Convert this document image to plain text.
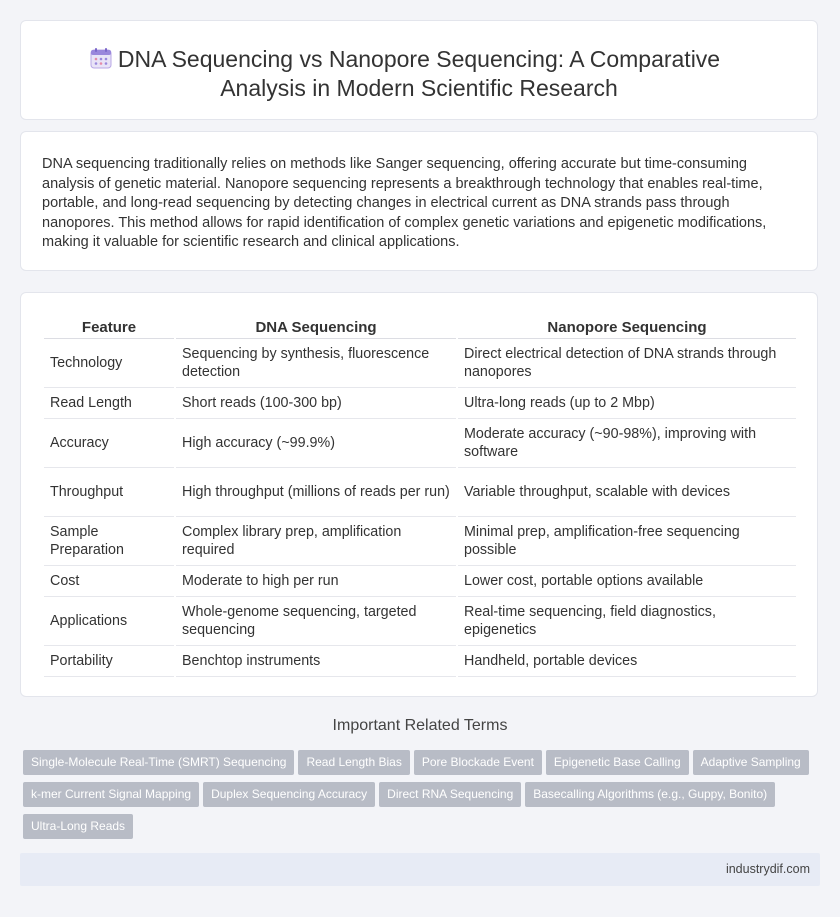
DNA Sequencing vs Nanopore Sequencing: A Comparative Analysis in Modern Scientific Research
DNA sequencing traditionally relies on methods like Sanger sequencing, offering accurate but time-consuming analysis of genetic material. Nanopore sequencing represents a breakthrough technology that enables real-time, portable, and long-read sequencing by detecting changes in electrical current as DNA strands pass through nanopores. This method allows for rapid identification of complex genetic variations and epigenetic modifications, making it valuable for scientific research and clinical applications.
Feature	DNA Sequencing	Nanopore Sequencing
Technology	Sequencing by synthesis, fluorescence detection	Direct electrical detection of DNA strands through nanopores
Read Length	Short reads (100-300 bp)	Ultra-long reads (up to 2 Mbp)
Accuracy	High accuracy (~99.9%)	Moderate accuracy (~90-98%), improving with software
Throughput	High throughput (millions of reads per run)	Variable throughput, scalable with devices
Sample Preparation	Complex library prep, amplification required	Minimal prep, amplification-free sequencing possible
Cost	Moderate to high per run	Lower cost, portable options available
Applications	Whole-genome sequencing, targeted sequencing	Real-time sequencing, field diagnostics, epigenetics
Portability	Benchtop instruments	Handheld, portable devices
Important Related Terms
Single-Molecule Real-Time (SMRT) Sequencing Read Length Bias Pore Blockade Event Epigenetic Base Calling Adaptive Sampling
k-mer Current Signal Mapping Duplex Sequencing Accuracy Direct RNA Sequencing Basecalling Algorithms (e.g., Guppy, Bonito)
Ultra-Long Reads
industrydif.com
